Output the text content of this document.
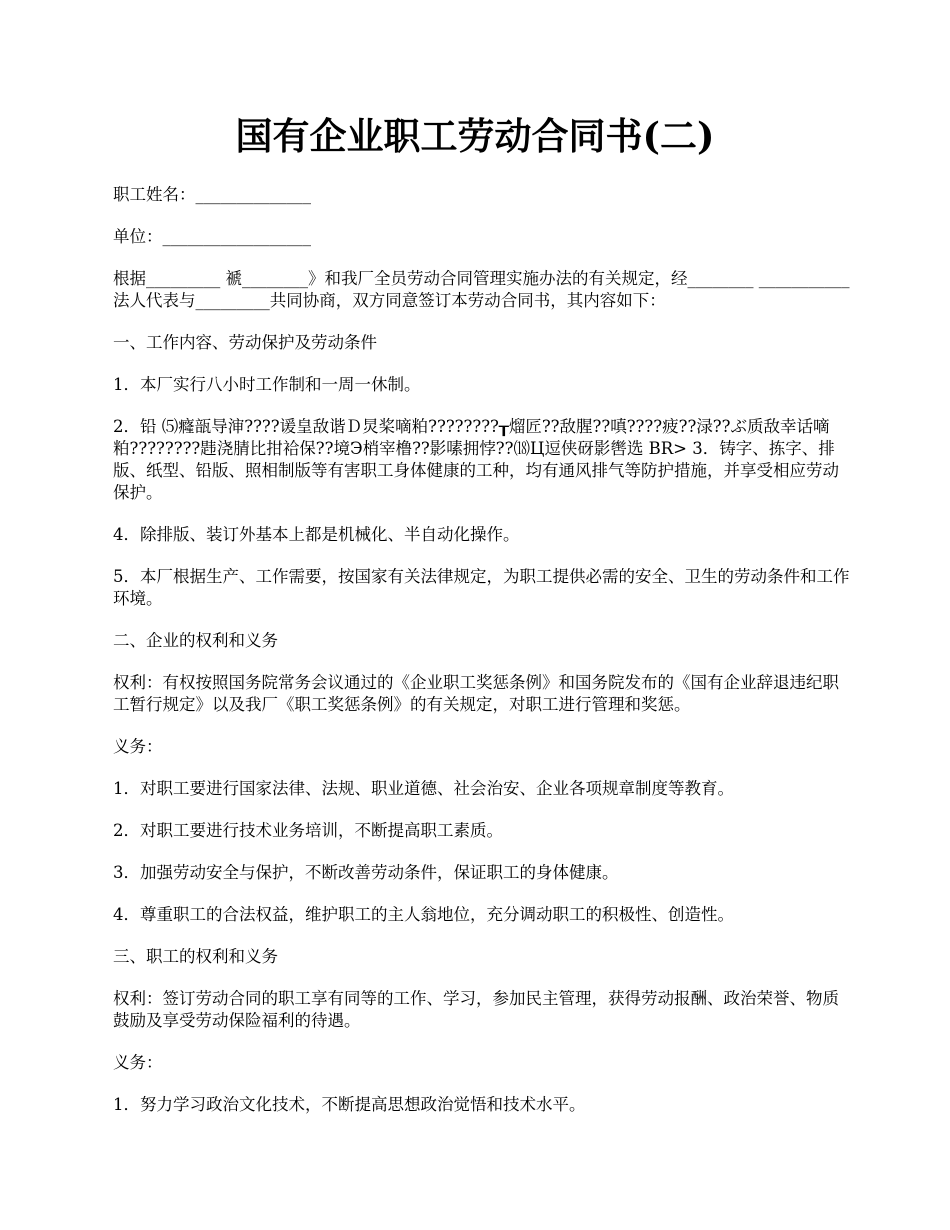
国有企业职工劳动合同书(二)

职工姓名：______________

单位：__________________

根据_________ 禠________》和我厂全员劳动合同管理实施办法的有关规定，经________ ___________法人代表与_________共同协商，双方同意签订本劳动合同书，其内容如下：

一、工作内容、劳动保护及劳动条件

1．本厂实行八小时工作制和一周一休制。

2．铅 ⑸癃瓿导渖????谖皇敌谐Ｄ炅桨嘀粕????????┰熘匠??敌腥??嗔????疲??渌??ぶ质敌幸话嘀粕????????韪浇腈比拑袷保??境Э梢宰橹??影嗉拥悖??⒅Ц逗侠砑影辔选 BR> 3．铸字、拣字、排版、纸型、铅版、照相制版等有害职工身体健康的工种，均有通风排气等防护措施，并享受相应劳动保护。

4．除排版、装订外基本上都是机械化、半自动化操作。

5．本厂根据生产、工作需要，按国家有关法律规定，为职工提供必需的安全、卫生的劳动条件和工作环境。

二、企业的权利和义务

权利：有权按照国务院常务会议通过的《企业职工奖惩条例》和国务院发布的《国有企业辞退违纪职工暂行规定》以及我厂《职工奖惩条例》的有关规定，对职工进行管理和奖惩。

义务：

1．对职工要进行国家法律、法规、职业道德、社会治安、企业各项规章制度等教育。

2．对职工要进行技术业务培训，不断提高职工素质。

3．加强劳动安全与保护，不断改善劳动条件，保证职工的身体健康。

4．尊重职工的合法权益，维护职工的主人翁地位，充分调动职工的积极性、创造性。

三、职工的权利和义务

权利：签订劳动合同的职工享有同等的工作、学习，参加民主管理，获得劳动报酬、政治荣誉、物质鼓励及享受劳动保险福利的待遇。

义务：

1．努力学习政治文化技术，不断提高思想政治觉悟和技术水平。
